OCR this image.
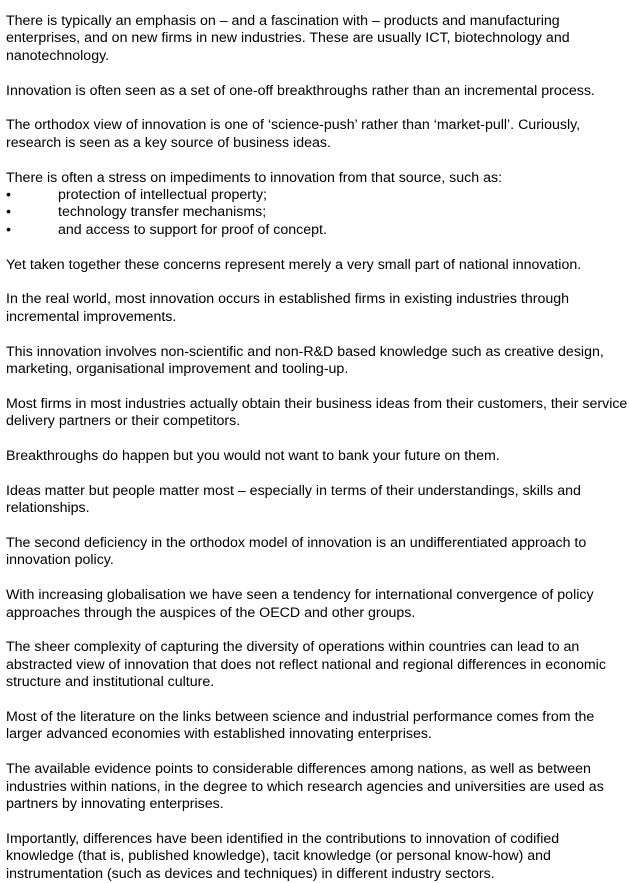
There is typically an emphasis on – and a fascination with – products and manufacturing enterprises, and on new firms in new industries. These are usually ICT, biotechnology and nanotechnology.

Innovation is often seen as a set of one-off breakthroughs rather than an incremental process.

The orthodox view of innovation is one of ‘science-push’ rather than ‘market-pull’. Curiously, research is seen as a key source of business ideas.

There is often a stress on impediments to innovation from that source, such as:

•	protection of intellectual property;
•	technology transfer mechanisms;
•	and access to support for proof of concept.

Yet taken together these concerns represent merely a very small part of national innovation.

In the real world, most innovation occurs in established firms in existing industries through incremental improvements.

This innovation involves non-scientific and non-R&D based knowledge such as creative design, marketing, organisational improvement and tooling-up.

Most firms in most industries actually obtain their business ideas from their customers, their service delivery partners or their competitors.

Breakthroughs do happen but you would not want to bank your future on them.

Ideas matter but people matter most – especially in terms of their understandings, skills and relationships.

The second deficiency in the orthodox model of innovation is an undifferentiated approach to innovation policy.

With increasing globalisation we have seen a tendency for international convergence of policy approaches through the auspices of the OECD and other groups.

The sheer complexity of capturing the diversity of operations within countries can lead to an abstracted view of innovation that does not reflect national and regional differences in economic structure and institutional culture.

Most of the literature on the links between science and industrial performance comes from the larger advanced economies with established innovating enterprises.

The available evidence points to considerable differences among nations, as well as between industries within nations, in the degree to which research agencies and universities are used as partners by innovating enterprises.

Importantly, differences have been identified in the contributions to innovation of codified knowledge (that is, published knowledge), tacit knowledge (or personal know-how) and instrumentation (such as devices and techniques) in different industry sectors.
